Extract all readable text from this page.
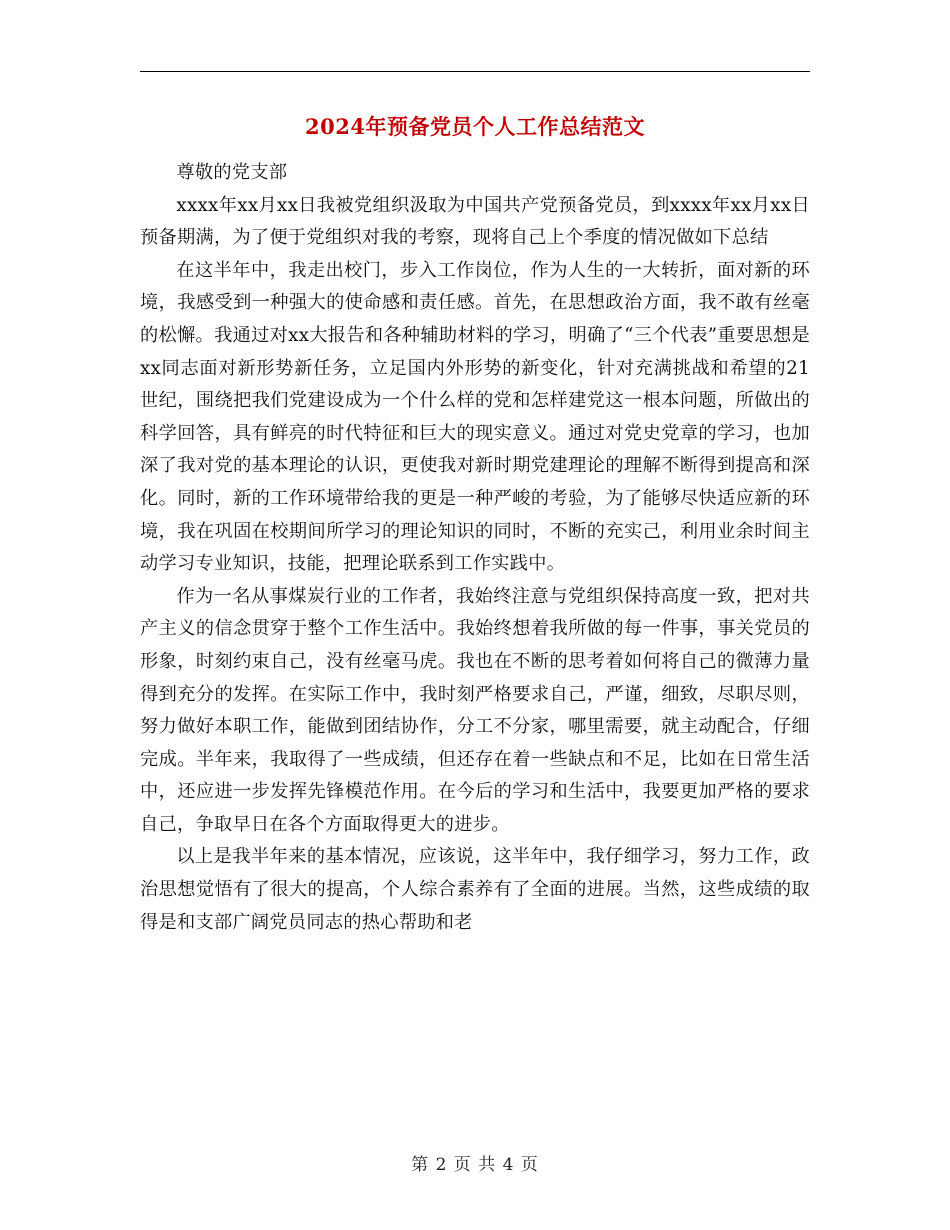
2024年预备党员个人工作总结范文

尊敬的党支部

xxxx年xx月xx日我被党组织汲取为中国共产党预备党员，到xxxx年xx月xx日预备期满，为了便于党组织对我的考察，现将自己上个季度的情况做如下总结

在这半年中，我走出校门，步入工作岗位，作为人生的一大转折，面对新的环境，我感受到一种强大的使命感和责任感。首先，在思想政治方面，我不敢有丝毫的松懈。我通过对xx大报告和各种辅助材料的学习，明确了“三个代表”重要思想是xx同志面对新形势新任务，立足国内外形势的新变化，针对充满挑战和希望的21世纪，围绕把我们党建设成为一个什么样的党和怎样建党这一根本问题，所做出的科学回答，具有鲜亮的时代特征和巨大的现实意义。通过对党史党章的学习，也加深了我对党的基本理论的认识，更使我对新时期党建理论的理解不断得到提高和深化。同时，新的工作环境带给我的更是一种严峻的考验，为了能够尽快适应新的环境，我在巩固在校期间所学习的理论知识的同时，不断的充实己，利用业余时间主动学习专业知识，技能，把理论联系到工作实践中。

作为一名从事煤炭行业的工作者，我始终注意与党组织保持高度一致，把对共产主义的信念贯穿于整个工作生活中。我始终想着我所做的每一件事，事关党员的形象，时刻约束自己，没有丝毫马虎。我也在不断的思考着如何将自己的微薄力量得到充分的发挥。在实际工作中，我时刻严格要求自己，严谨，细致，尽职尽则，努力做好本职工作，能做到团结协作，分工不分家，哪里需要，就主动配合，仔细完成。半年来，我取得了一些成绩，但还存在着一些缺点和不足，比如在日常生活中，还应进一步发挥先锋模范作用。在今后的学习和生活中，我要更加严格的要求自己，争取早日在各个方面取得更大的进步。

以上是我半年来的基本情况，应该说，这半年中，我仔细学习，努力工作，政治思想觉悟有了很大的提高，个人综合素养有了全面的进展。当然，这些成绩的取得是和支部广阔党员同志的热心帮助和老

第 2 页 共 4 页
